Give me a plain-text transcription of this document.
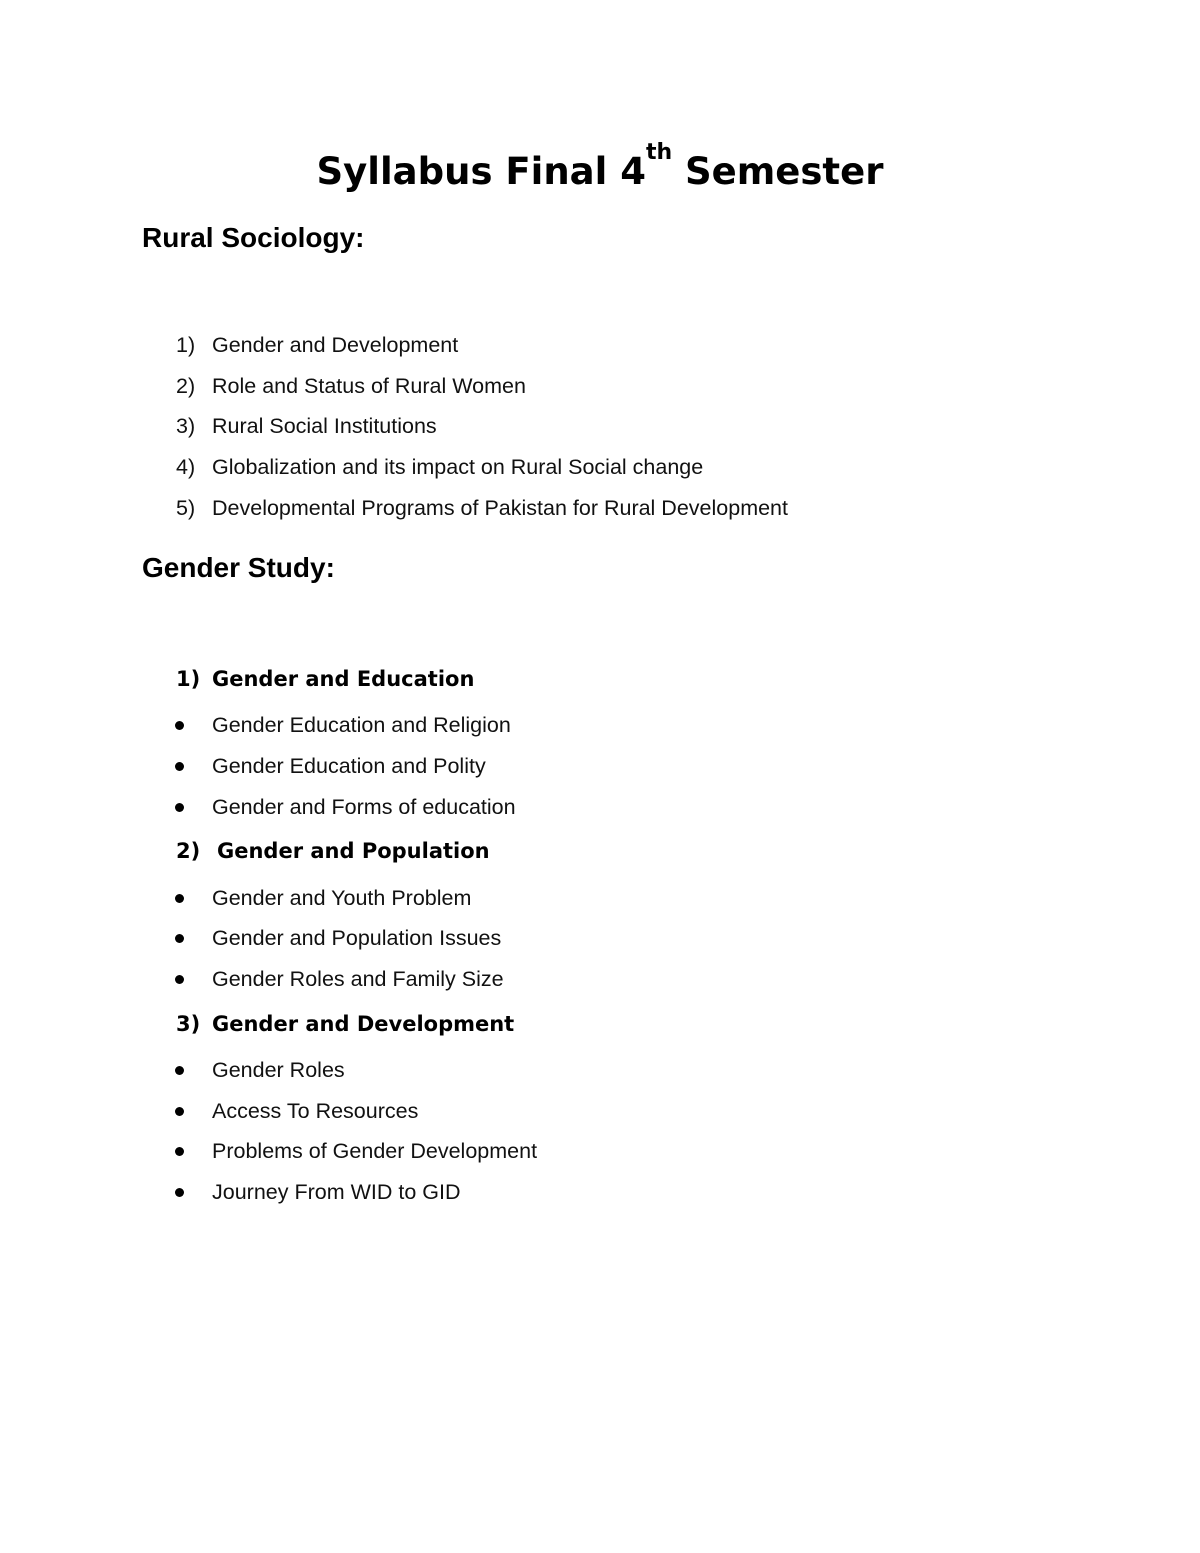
Syllabus Final 4th Semester
Rural Sociology:
1) Gender and Development
2) Role and Status of Rural Women
3) Rural Social Institutions
4) Globalization and its impact on Rural Social change
5) Developmental Programs of Pakistan for Rural Development
Gender Study:
1) Gender and Education
Gender Education and Religion
Gender Education and Polity
Gender and Forms of education
2) Gender and Population
Gender and Youth Problem
Gender and Population Issues
Gender Roles and Family Size
3) Gender and Development
Gender Roles
Access To Resources
Problems of Gender Development
Journey From WID to GID
